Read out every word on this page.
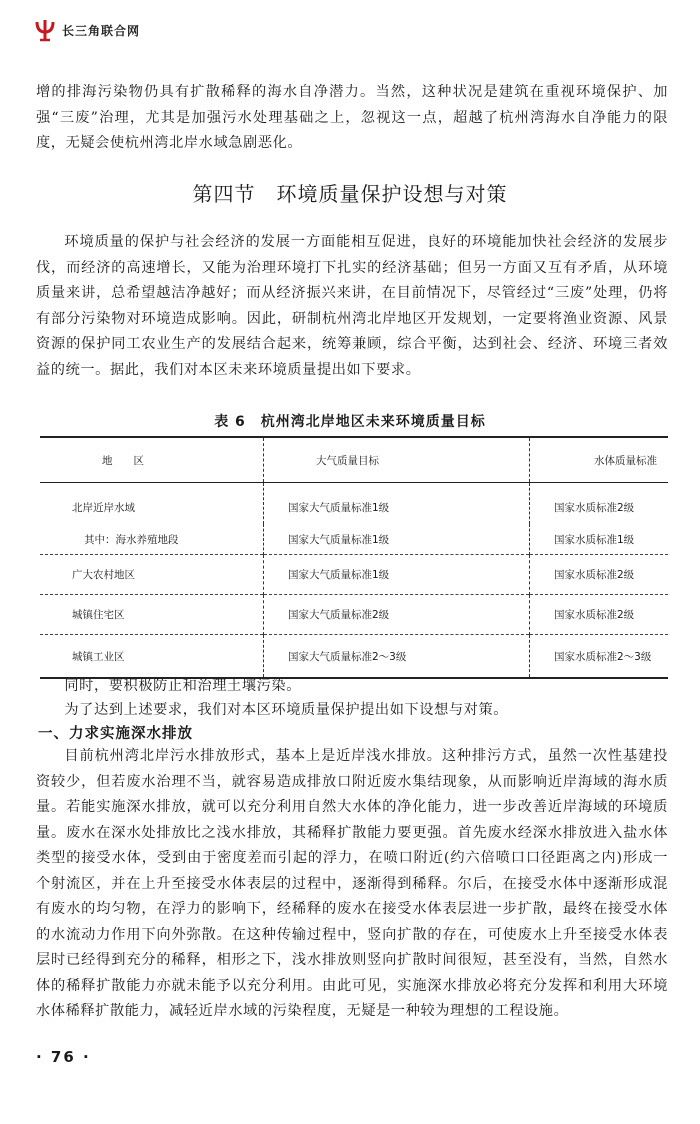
长三角联合网

增的排海污染物仍具有扩散稀释的海水自净潜力。当然，这种状况是建筑在重视环境保护、加强“三废”治理，尤其是加强污水处理基础之上，忽视这一点，超越了杭州湾海水自净能力的限度，无疑会使杭州湾北岸水域急剧恶化。

第四节　环境质量保护设想与对策

环境质量的保护与社会经济的发展一方面能相互促进，良好的环境能加快社会经济的发展步伐，而经济的高速增长，又能为治理环境打下扎实的经济基础；但另一方面又互有矛盾，从环境质量来讲，总希望越洁净越好；而从经济振兴来讲，在目前情况下，尽管经过“三废”处理，仍将有部分污染物对环境造成影响。因此，研制杭州湾北岸地区开发规划，一定要将渔业资源、风景资源的保护同工农业生产的发展结合起来，统筹兼顾，综合平衡，达到社会、经济、环境三者效益的统一。据此，我们对本区未来环境质量提出如下要求。

表 6　杭州湾北岸地区未来环境质量目标
地　　区	大气质量目标	水体质量标准
北岸近岸水域	国家大气质量标准1级	国家水质标准2级
其中：海水养殖地段	国家大气质量标准1级	国家水质标准1级
广大农村地区	国家大气质量标准1级	国家水质标准2级
城镇住宅区	国家大气质量标准2级	国家水质标准2级
城镇工业区	国家大气质量标准2～3级	国家水质标准2～3级

同时，要积极防止和治理土壤污染。

为了达到上述要求，我们对本区环境质量保护提出如下设想与对策。

一、力求实施深水排放

目前杭州湾北岸污水排放形式，基本上是近岸浅水排放。这种排污方式，虽然一次性基建投资较少，但若废水治理不当，就容易造成排放口附近废水集结现象，从而影响近岸海域的海水质量。若能实施深水排放，就可以充分利用自然大水体的净化能力，进一步改善近岸海域的环境质量。废水在深水处排放比之浅水排放，其稀释扩散能力要更强。首先废水经深水排放进入盐水体类型的接受水体，受到由于密度差而引起的浮力，在喷口附近(约六倍喷口口径距离之内)形成一个射流区，并在上升至接受水体表层的过程中，逐渐得到稀释。尔后，在接受水体中逐渐形成混有废水的均匀物，在浮力的影响下，经稀释的废水在接受水体表层进一步扩散，最终在接受水体的水流动力作用下向外弥散。在这种传输过程中，竖向扩散的存在，可使废水上升至接受水体表层时已经得到充分的稀释，相形之下，浅水排放则竖向扩散时间很短，甚至没有，当然，自然水体的稀释扩散能力亦就未能予以充分利用。由此可见，实施深水排放必将充分发挥和利用大环境水体稀释扩散能力，减轻近岸水域的污染程度，无疑是一种较为理想的工程设施。

· 76 ·
